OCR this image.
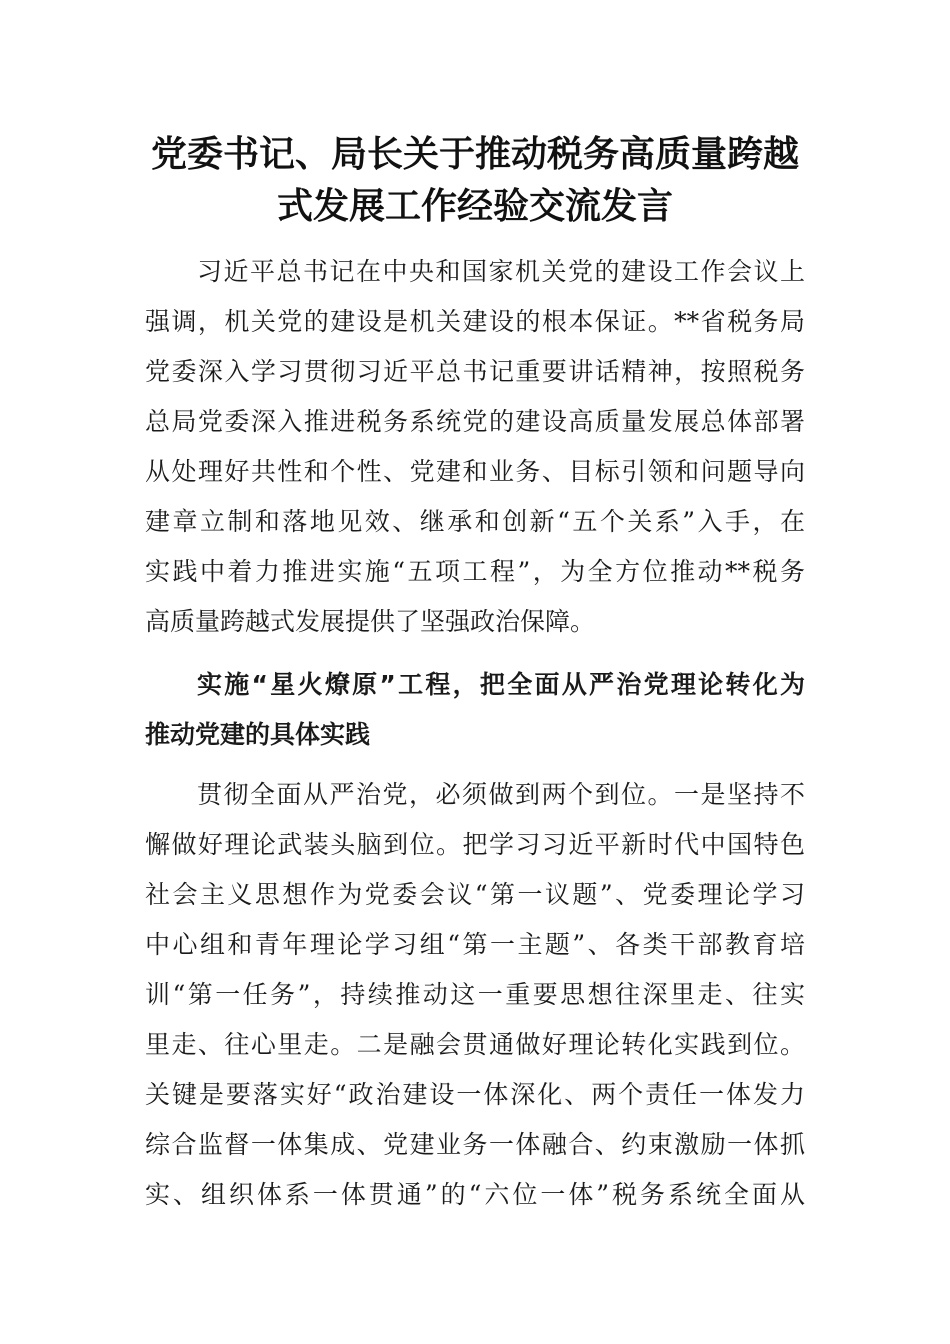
党委书记、局长关于推动税务高质量跨越
式发展工作经验交流发言
习近平总书记在中央和国家机关党的建设工作会议上
强调，机关党的建设是机关建设的根本保证。**省税务局
党委深入学习贯彻习近平总书记重要讲话精神，按照税务
总局党委深入推进税务系统党的建设高质量发展总体部署
从处理好共性和个性、党建和业务、目标引领和问题导向
建章立制和落地见效、继承和创新“五个关系”入手，在
实践中着力推进实施“五项工程”，为全方位推动**税务
高质量跨越式发展提供了坚强政治保障。
实施“星火燎原”工程，把全面从严治党理论转化为
推动党建的具体实践
贯彻全面从严治党，必须做到两个到位。一是坚持不
懈做好理论武装头脑到位。把学习习近平新时代中国特色
社会主义思想作为党委会议“第一议题”、党委理论学习
中心组和青年理论学习组“第一主题”、各类干部教育培
训“第一任务”，持续推动这一重要思想往深里走、往实
里走、往心里走。二是融会贯通做好理论转化实践到位。
关键是要落实好“政治建设一体深化、两个责任一体发力
综合监督一体集成、党建业务一体融合、约束激励一体抓
实、组织体系一体贯通”的“六位一体”税务系统全面从
